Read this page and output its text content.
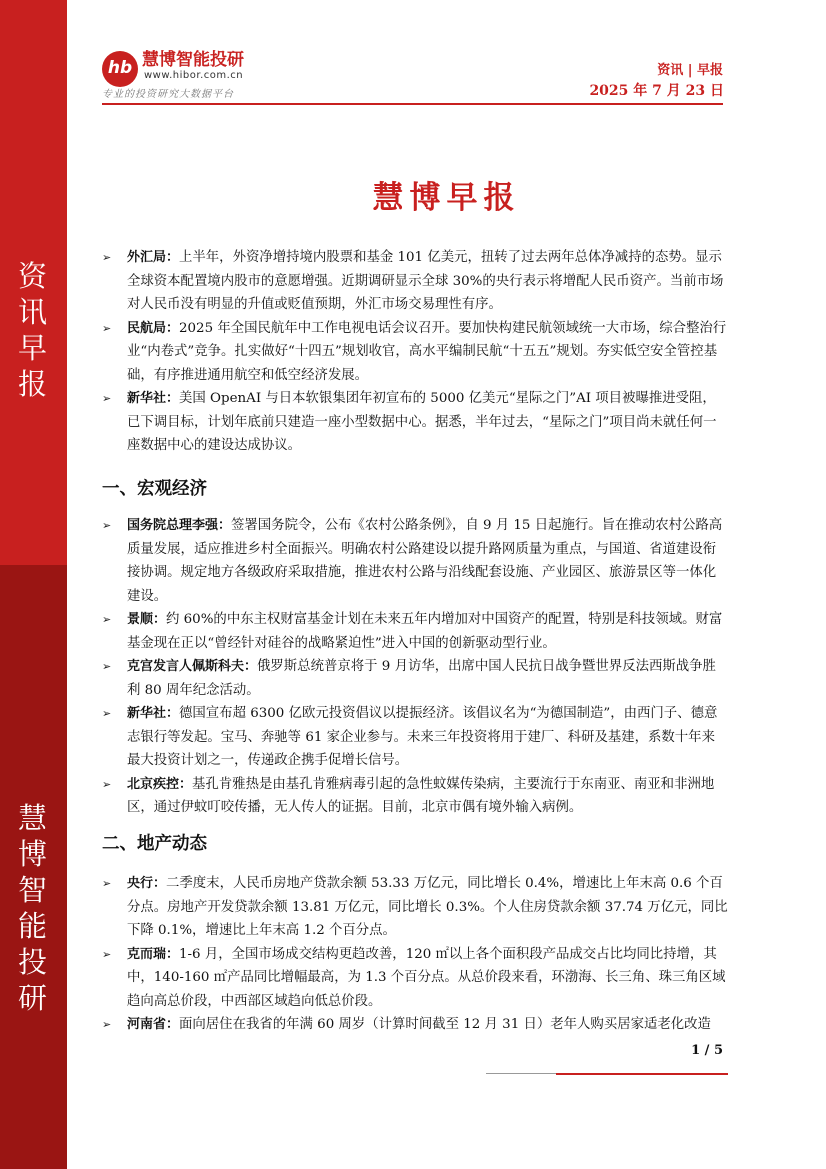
资
讯
早
报
慧
博
智
能
投
研
hb 慧博智能投研
www.hibor.com.cn
专业的投资研究大数据平台
资讯 | 早报
2025 年 7 月 23 日
慧博早报

➢ 外汇局：上半年，外资净增持境内股票和基金 101 亿美元，扭转了过去两年总体净减持的态势。显示全球资本配置境内股市的意愿增强。近期调研显示全球 30%的央行表示将增配人民币资产。当前市场对人民币没有明显的升值或贬值预期，外汇市场交易理性有序。

➢ 民航局：2025 年全国民航年中工作电视电话会议召开。要加快构建民航领域统一大市场，综合整治行业“内卷式”竞争。扎实做好“十四五”规划收官，高水平编制民航“十五五”规划。夯实低空安全管控基础，有序推进通用航空和低空经济发展。

➢ 新华社：美国 OpenAI 与日本软银集团年初宣布的 5000 亿美元“星际之门”AI 项目被曝推进受阻，已下调目标，计划年底前只建造一座小型数据中心。据悉，半年过去，“星际之门”项目尚未就任何一座数据中心的建设达成协议。

一、宏观经济

➢ 国务院总理李强：签署国务院令，公布《农村公路条例》，自 9 月 15 日起施行。旨在推动农村公路高质量发展，适应推进乡村全面振兴。明确农村公路建设以提升路网质量为重点，与国道、省道建设衔接协调。规定地方各级政府采取措施，推进农村公路与沿线配套设施、产业园区、旅游景区等一体化建设。

➢ 景顺：约 60%的中东主权财富基金计划在未来五年内增加对中国资产的配置，特别是科技领域。财富基金现在正以“曾经针对硅谷的战略紧迫性”进入中国的创新驱动型行业。

➢ 克宫发言人佩斯科夫：俄罗斯总统普京将于 9 月访华，出席中国人民抗日战争暨世界反法西斯战争胜利 80 周年纪念活动。

➢ 新华社：德国宣布超 6300 亿欧元投资倡议以提振经济。该倡议名为“为德国制造”，由西门子、德意志银行等发起。宝马、奔驰等 61 家企业参与。未来三年投资将用于建厂、科研及基建，系数十年来最大投资计划之一，传递政企携手促增长信号。

➢ 北京疾控：基孔肯雅热是由基孔肯雅病毒引起的急性蚊媒传染病，主要流行于东南亚、南亚和非洲地区，通过伊蚊叮咬传播，无人传人的证据。目前，北京市偶有境外输入病例。

二、地产动态

➢ 央行：二季度末，人民币房地产贷款余额 53.33 万亿元，同比增长 0.4%，增速比上年末高 0.6 个百分点。房地产开发贷款余额 13.81 万亿元，同比增长 0.3%。个人住房贷款余额 37.74 万亿元，同比下降 0.1%，增速比上年末高 1.2 个百分点。

➢ 克而瑞：1-6 月，全国市场成交结构更趋改善，120 ㎡以上各个面积段产品成交占比均同比持增，其中，140-160 ㎡产品同比增幅最高，为 1.3 个百分点。从总价段来看，环渤海、长三角、珠三角区域趋向高总价段，中西部区域趋向低总价段。

➢ 河南省：面向居住在我省的年满 60 周岁（计算时间截至 12 月 31 日）老年人购买居家适老化改造

1 / 5
